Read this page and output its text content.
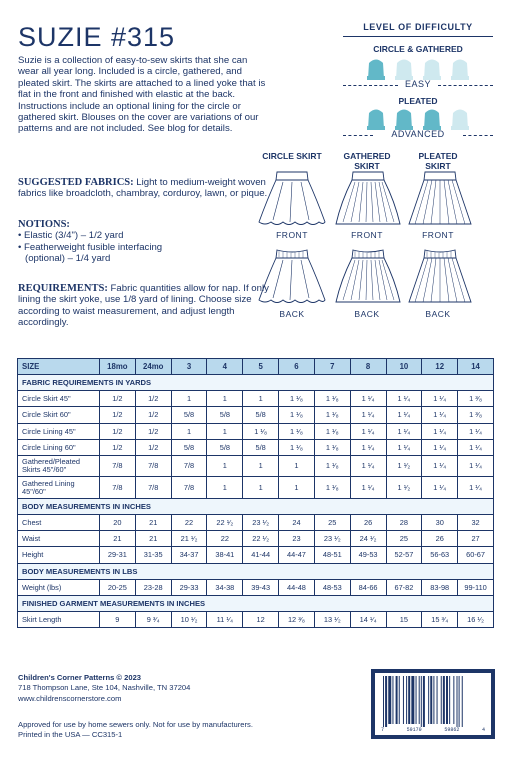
SUZIE #315
Suzie is a collection of easy-to-sew skirts that she can wear all year long. Included is a circle, gathered, and pleated skirt. The skirts are attached to a lined yoke that is flat in the front and finished with elastic at the back. Instructions include an optional lining for the circle or gathered skirt. Blouses on the cover are variations of our patterns and are not included. See blog for details.
SUGGESTED FABRICS: Light to medium-weight woven fabrics like broadcloth, chambray, corduroy, lawn, or pique.
NOTIONS:
• Elastic (3/4") – 1/2 yard
• Featherweight fusible interfacing
(optional) – 1/4 yard
REQUIREMENTS: Fabric quantities allow for nap. If only lining the skirt yoke, use 1/8 yard of lining. Choose size according to waist measurement, and adjust length accordingly.
LEVEL OF DIFFICULTY
CIRCLE & GATHERED
EASY
PLEATED
ADVANCED
CIRCLE SKIRT	GATHERED SKIRT
PLEATED SKIRT
FRONT	FRONT	FRONT
BACK	BACK	BACK
SIZE	18mo	24mo	3	4	5	6	7	8	10	12	14
FABRIC REQUIREMENTS IN YARDS											
Circle Skirt 45"	1/2	1/2	1	1	1	1 ¹⁄₈	1 ¹⁄₈	1 ¹⁄₄	1 ¹⁄₄	1 ¹⁄₄	1 ³⁄₈
Circle Skirt 60"	1/2	1/2	5/8	5/8	5/8	1 ¹⁄₈	1 ¹⁄₈	1 ¹⁄₄	1 ¹⁄₄	1 ¹⁄₄	1 ³⁄₈
Circle Lining 45"	1/2	1/2	1	1	1 ¹⁄₈	1 ¹⁄₈	1 ¹⁄₈	1 ¹⁄₄	1 ¹⁄₄	1 ¹⁄₄	1 ¹⁄₄
Circle Lining 60"	1/2	1/2	5/8	5/8	5/8	1 ¹⁄₈	1 ¹⁄₈	1 ¹⁄₄	1 ¹⁄₄	1 ¹⁄₄	1 ¹⁄₄
Gathered/Pleated Skirts 45"/60"	7/8	7/8	7/8	1	1	1	1 ¹⁄₈	1 ¹⁄₄	1 ¹⁄₂	1 ¹⁄₄	1 ¹⁄₄
Gathered Lining 45"/60"	7/8	7/8	7/8	1	1	1	1 ¹⁄₈	1 ¹⁄₄	1 ¹⁄₂	1 ¹⁄₄	1 ¹⁄₄
BODY MEASUREMENTS IN INCHES											
Chest	20	21	22	22 ¹⁄₂	23 ¹⁄₂	24	25	26	28	30	32
Waist	21	21	21 ¹⁄₂	22	22 ¹⁄₂	23	23 ¹⁄₂	24 ¹⁄₂	25	26	27
Height	29-31	31-35	34-37	38-41	41-44	44-47	48-51	49-53	52-57	56-63	60-67
BODY MEASUREMENTS IN LBS											
Weight (lbs)	20-25	23-28	29-33	34-38	39-43	44-48	48-53	84-66	67-82	83-98	99-110
FINISHED GARMENT MEASUREMENTS IN INCHES											
Skirt Length	9	9 ³⁄₄	10 ¹⁄₂	11 ¹⁄₄	12	12 ³⁄₈	13 ¹⁄₂	14 ¹⁄₄	15	15 ³⁄₄	16 ¹⁄₂
Children's Corner Patterns © 2023
718 Thompson Lane, Ste 104, Nashville, TN 37204
www.childrenscornerstore.com
Approved for use by home sewers only. Not for use by manufacturers.
Printed in the USA — CC315-1
7	59170	59862	4
